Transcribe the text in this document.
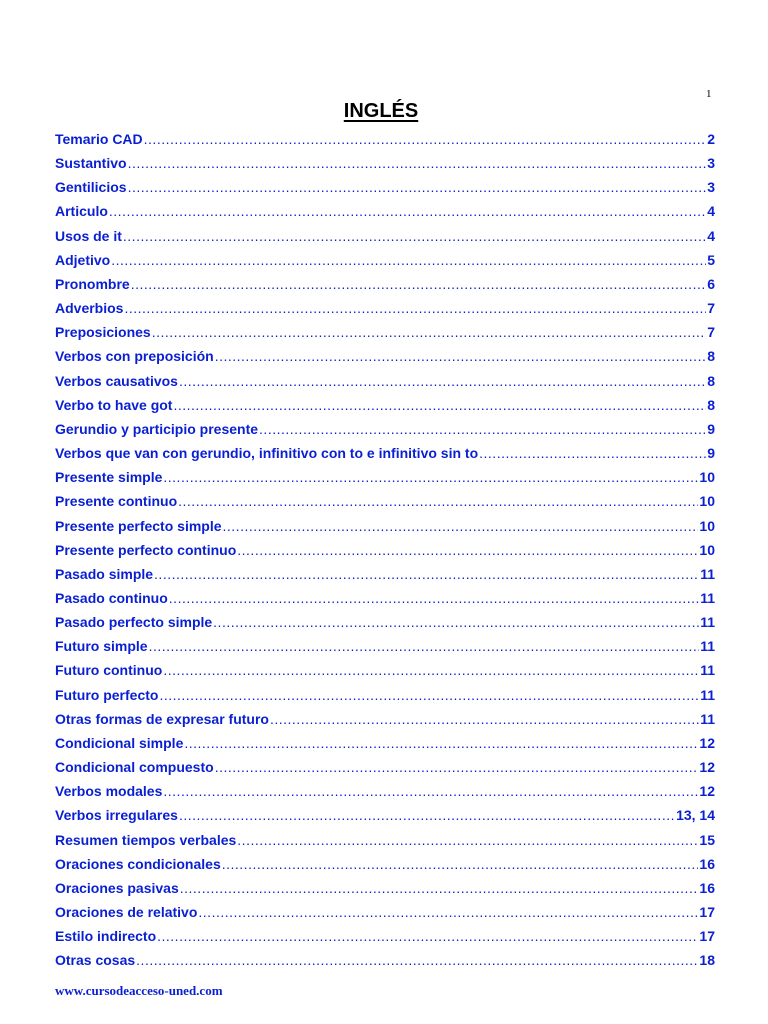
1
INGLÉS
Temario CAD .....	2
Sustantivo .....	3
Gentilicios .....	3
Articulo .....	4
Usos de it .....	4
Adjetivo .....	5
Pronombre .....	6
Adverbios .....	7
Preposiciones .....	7
Verbos con preposición .....	8
Verbos causativos .....	8
Verbo to have got .....	8
Gerundio y participio presente .....	9
Verbos que van con gerundio, infinitivo con to e infinitivo sin to .....	9
Presente simple .....	10
Presente continuo .....	10
Presente perfecto simple .....	10
Presente perfecto continuo .....	10
Pasado simple .....	11
Pasado continuo .....	11
Pasado perfecto simple .....	11
Futuro simple .....	11
Futuro continuo .....	11
Futuro perfecto .....	11
Otras formas de expresar futuro .....	11
Condicional simple .....	12
Condicional compuesto .....	12
Verbos modales .....	12
Verbos irregulares .....	13, 14
Resumen tiempos verbales .....	15
Oraciones condicionales .....	16
Oraciones pasivas .....	16
Oraciones de relativo .....	17
Estilo indirecto .....	17
Otras cosas .....	18
www.cursodeacceso-uned.com
